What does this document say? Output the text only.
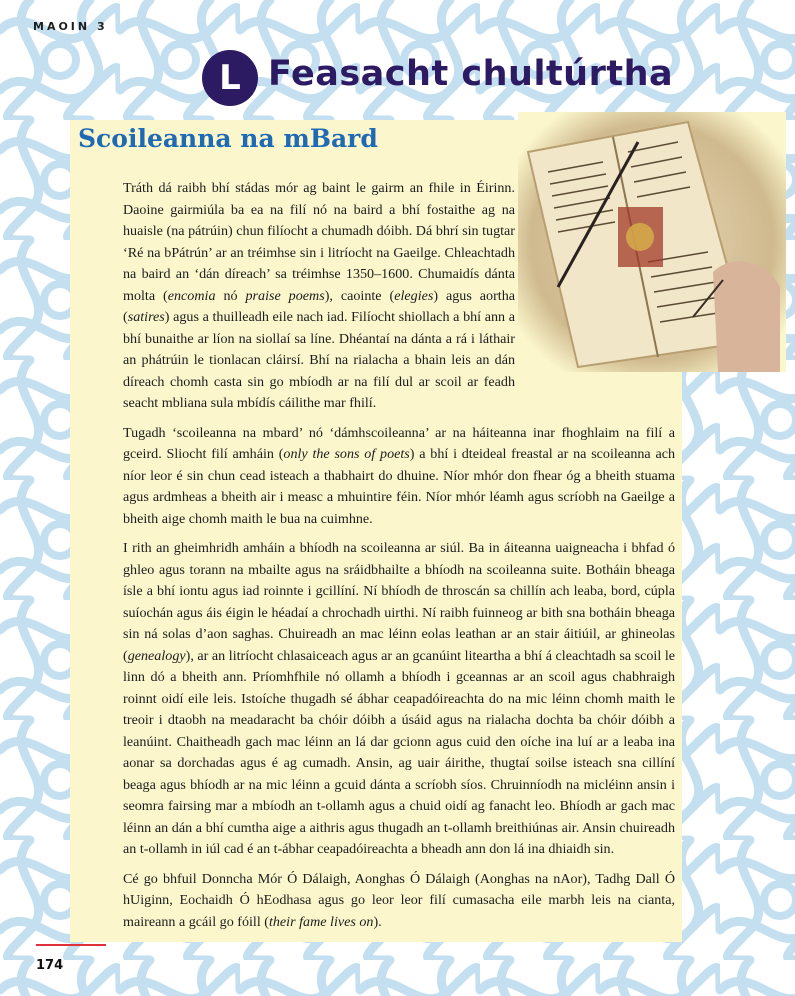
MAOIN 3
L Feasacht chultúrtha
Scoileanna na mBard

Tráth dá raibh bhí stádas mór ag baint le gairm an fhile in Éirinn. Daoine gairmiúla ba ea na filí nó na baird a bhí fostaithe ag na huaisle (na pátrúin) chun filíocht a chumadh dóibh. Dá bhrí sin tugtar ‘Ré na bPátrún’ ar an tréimhse sin i litríocht na Gaeilge. Chleachtadh na baird an ‘dán díreach’ sa tréimhse 1350–1600. Chumaidís dánta molta (encomia nó praise poems), caointe (elegies) agus aortha (satires) agus a thuilleadh eile nach iad. Filíocht shiollach a bhí ann a bhí bunaithe ar líon na siollaí sa líne. Dhéantaí na dánta a rá i láthair an phátrúin le tionlacan cláirsí. Bhí na rialacha a bhain leis an dán díreach chomh casta sin go mbíodh ar na filí dul ar scoil ar feadh seacht mbliana sula mbídís cáilithe mar fhilí.

Tugadh ‘scoileanna na mbard’ nó ‘dámhscoileanna’ ar na háiteanna inar fhoghlaim na filí a gceird. Sliocht filí amháin (only the sons of poets) a bhí i dteideal freastal ar na scoileanna ach níor leor é sin chun cead isteach a thabhairt do dhuine. Níor mhór don fhear óg a bheith stuama agus ardmheas a bheith air i measc a mhuintire féin. Níor mhór léamh agus scríobh na Gaeilge a bheith aige chomh maith le bua na cuimhne.

I rith an gheimhridh amháin a bhíodh na scoileanna ar siúl. Ba in áiteanna uaigneacha i bhfad ó ghleo agus torann na mbailte agus na sráidbhailte a bhíodh na scoileanna suite. Botháin bheaga ísle a bhí iontu agus iad roinnte i gcillíní. Ní bhíodh de throscán sa chillín ach leaba, bord, cúpla suíochán agus áis éigin le héadaí a chrochadh uirthi. Ní raibh fuinneog ar bith sna botháin bheaga sin ná solas d’aon saghas. Chuireadh an mac léinn eolas leathan ar an stair áitiúil, ar ghineolas (genealogy), ar an litríocht chlasaiceach agus ar an gcanúint liteartha a bhí á cleachtadh sa scoil le linn dó a bheith ann. Príomhfhile nó ollamh a bhíodh i gceannas ar an scoil agus chabhraigh roinnt oidí eile leis. Istoíche thugadh sé ábhar ceapadóireachta do na mic léinn chomh maith le treoir i dtaobh na meadaracht ba chóir dóibh a úsáid agus na rialacha dochta ba chóir dóibh a leanúint. Chaitheadh gach mac léinn an lá dar gcionn agus cuid den oíche ina luí ar a leaba ina aonar sa dorchadas agus é ag cumadh. Ansin, ag uair áirithe, thugtaí soilse isteach sna cillíní beaga agus bhíodh ar na mic léinn a gcuid dánta a scríobh síos. Chruinníodh na micléinn ansin i seomra fairsing mar a mbíodh an t-ollamh agus a chuid oidí ag fanacht leo. Bhíodh ar gach mac léinn an dán a bhí cumtha aige a aithris agus thugadh an t-ollamh breithiúnas air. Ansin chuireadh an t-ollamh in iúl cad é an t-ábhar ceapadóireachta a bheadh ann don lá ina dhiaidh sin.

Cé go bhfuil Donncha Mór Ó Dálaigh, Aonghas Ó Dálaigh (Aonghas na nAor), Tadhg Dall Ó hUiginn, Eochaidh Ó hEodhasa agus go leor leor filí cumasacha eile marbh leis na cianta, maireann a gcáil go fóill (their fame lives on).

174
